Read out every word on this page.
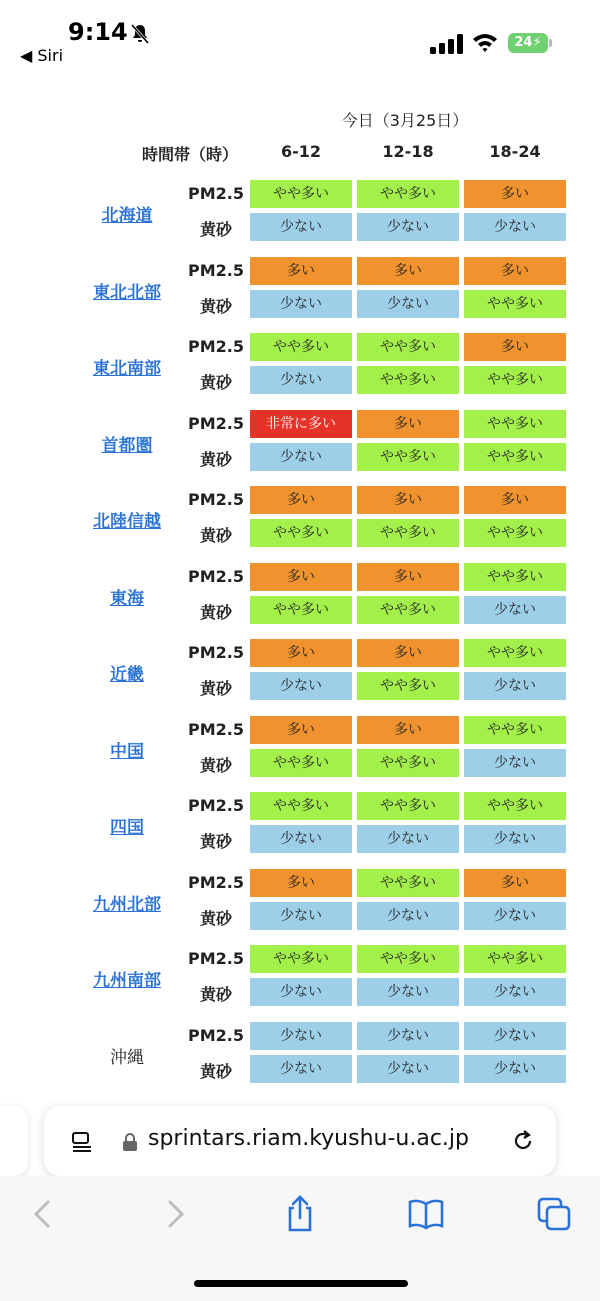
9:14
◀ Siri
24⚡
今日（3月25日）
時間帯（時）	6-12	12-18	18-24
北海道
PM2.5	やや多い	やや多い	多い
黄砂	少ない	少ない	少ない
東北北部
PM2.5	多い	多い	多い
黄砂	少ない	少ない	やや多い
東北南部
PM2.5	やや多い	やや多い	多い
黄砂	少ない	やや多い	やや多い
首都圏
PM2.5	非常に多い	多い	やや多い
黄砂	少ない	やや多い	やや多い
北陸信越
PM2.5	多い	多い	多い
黄砂	やや多い	やや多い	やや多い
東海
PM2.5	多い	多い	やや多い
黄砂	やや多い	やや多い	少ない
近畿
PM2.5	多い	多い	やや多い
黄砂	少ない	やや多い	少ない
中国
PM2.5	多い	多い	やや多い
黄砂	やや多い	やや多い	少ない
四国
PM2.5	やや多い	やや多い	やや多い
黄砂	少ない	少ない	少ない
九州北部
PM2.5	多い	やや多い	多い
黄砂	少ない	少ない	少ない
九州南部
PM2.5	やや多い	やや多い	やや多い
黄砂	少ない	少ない	少ない
沖縄
PM2.5	少ない	少ない	少ない
黄砂	少ない	少ない	少ない
sprintars.riam.kyushu-u.ac.jp
